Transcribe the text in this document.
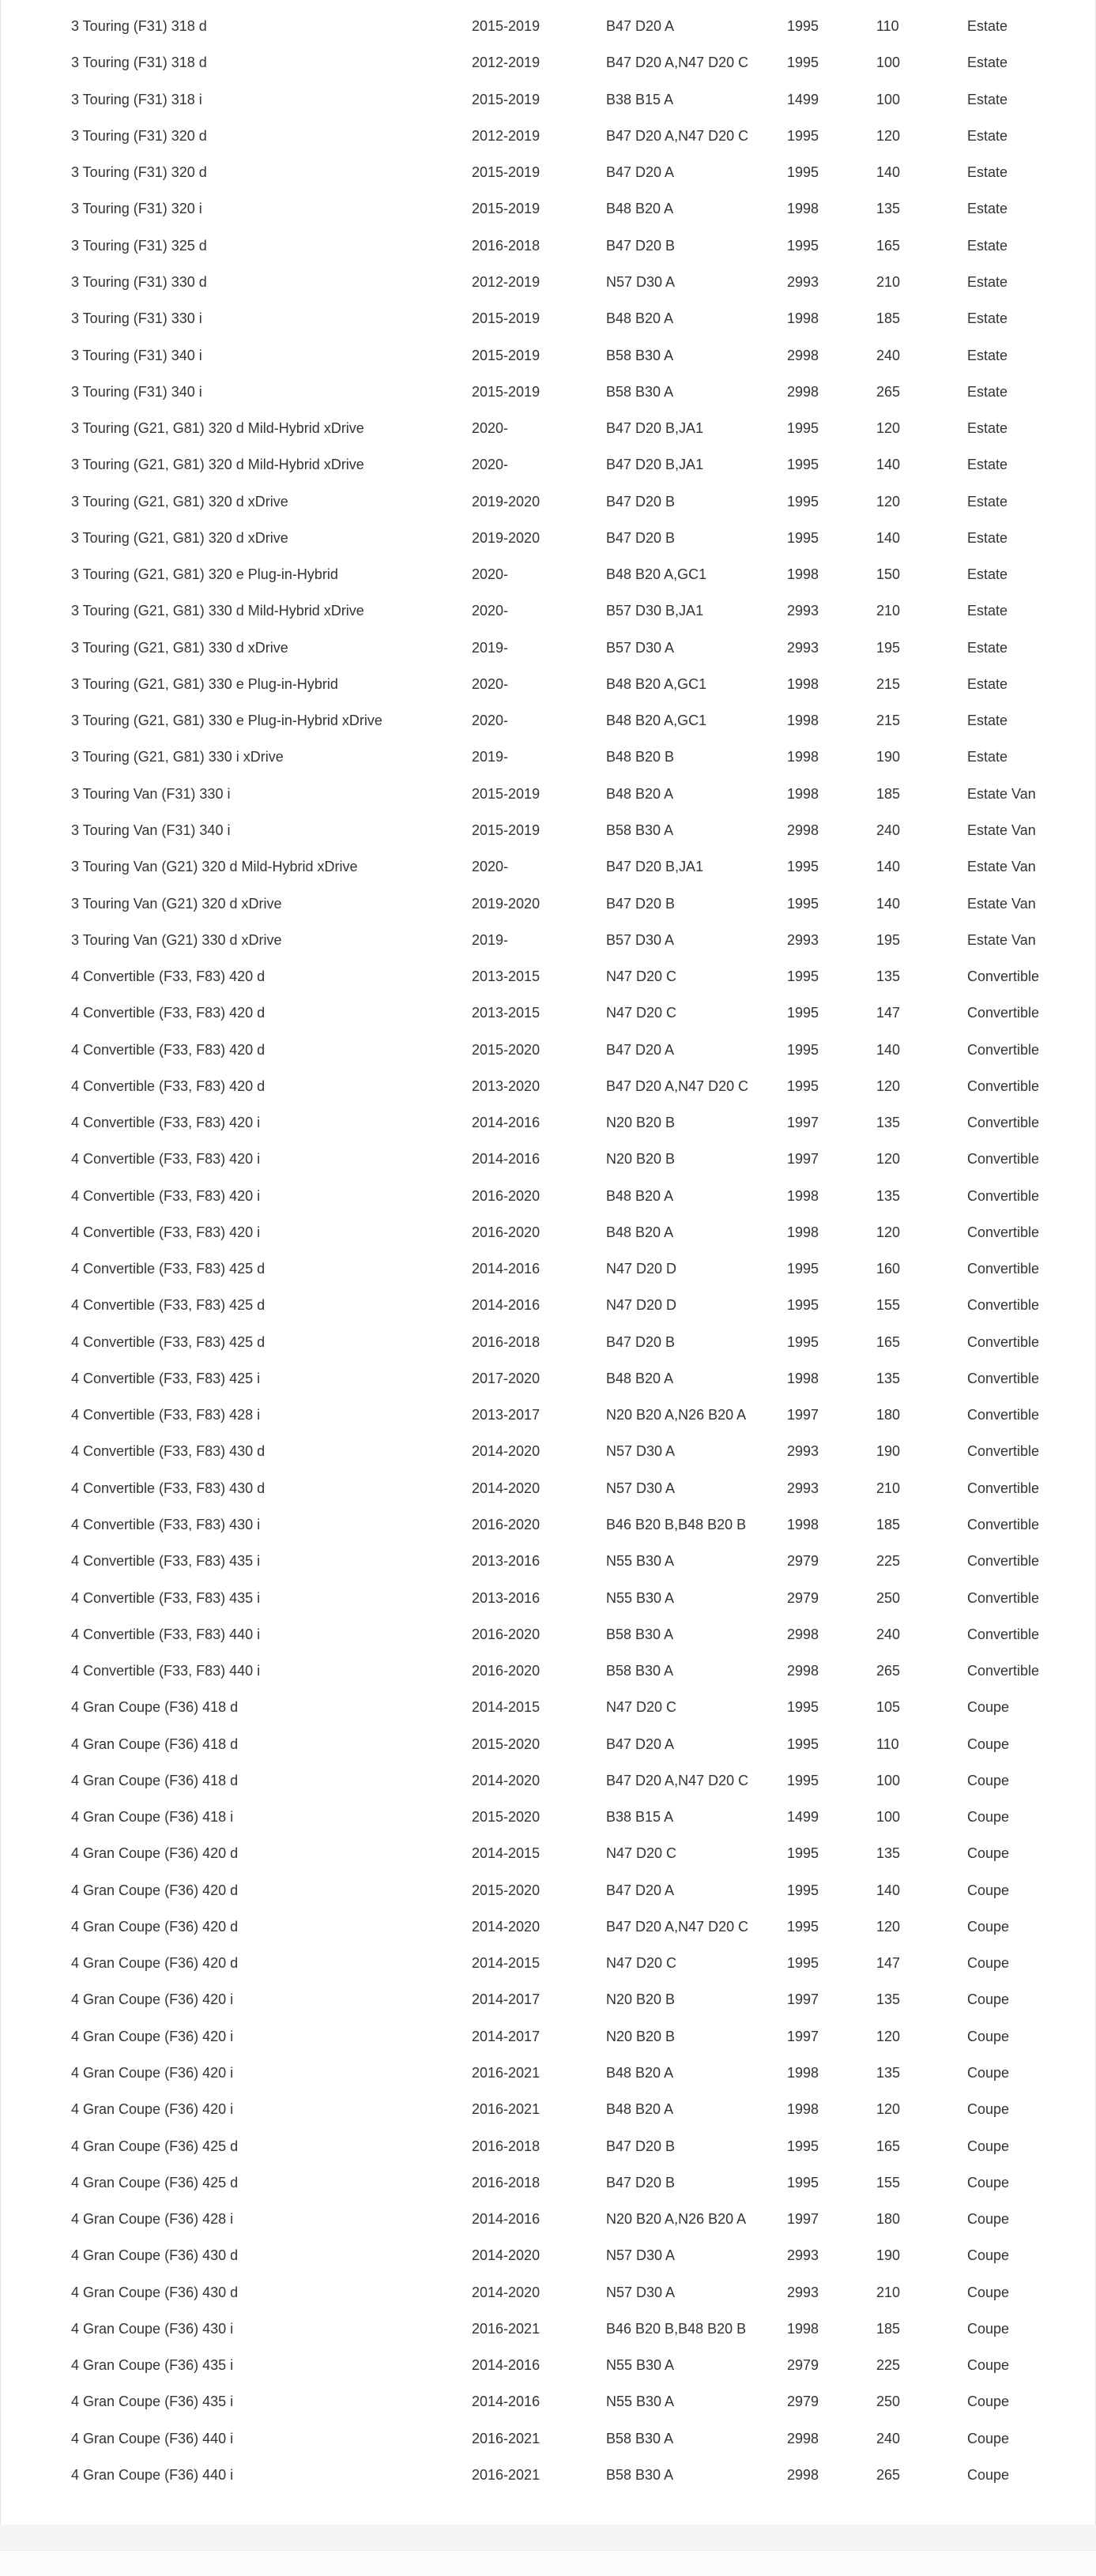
3 Touring (F31) 318 d	2015-2019	B47 D20 A	1995	110	Estate
3 Touring (F31) 318 d	2012-2019	B47 D20 A,N47 D20 C	1995	100	Estate
3 Touring (F31) 318 i	2015-2019	B38 B15 A	1499	100	Estate
3 Touring (F31) 320 d	2012-2019	B47 D20 A,N47 D20 C	1995	120	Estate
3 Touring (F31) 320 d	2015-2019	B47 D20 A	1995	140	Estate
3 Touring (F31) 320 i	2015-2019	B48 B20 A	1998	135	Estate
3 Touring (F31) 325 d	2016-2018	B47 D20 B	1995	165	Estate
3 Touring (F31) 330 d	2012-2019	N57 D30 A	2993	210	Estate
3 Touring (F31) 330 i	2015-2019	B48 B20 A	1998	185	Estate
3 Touring (F31) 340 i	2015-2019	B58 B30 A	2998	240	Estate
3 Touring (F31) 340 i	2015-2019	B58 B30 A	2998	265	Estate
3 Touring (G21, G81) 320 d Mild-Hybrid xDrive	2020-	B47 D20 B,JA1	1995	120	Estate
3 Touring (G21, G81) 320 d Mild-Hybrid xDrive	2020-	B47 D20 B,JA1	1995	140	Estate
3 Touring (G21, G81) 320 d xDrive	2019-2020	B47 D20 B	1995	120	Estate
3 Touring (G21, G81) 320 d xDrive	2019-2020	B47 D20 B	1995	140	Estate
3 Touring (G21, G81) 320 e Plug-in-Hybrid	2020-	B48 B20 A,GC1	1998	150	Estate
3 Touring (G21, G81) 330 d Mild-Hybrid xDrive	2020-	B57 D30 B,JA1	2993	210	Estate
3 Touring (G21, G81) 330 d xDrive	2019-	B57 D30 A	2993	195	Estate
3 Touring (G21, G81) 330 e Plug-in-Hybrid	2020-	B48 B20 A,GC1	1998	215	Estate
3 Touring (G21, G81) 330 e Plug-in-Hybrid xDrive	2020-	B48 B20 A,GC1	1998	215	Estate
3 Touring (G21, G81) 330 i xDrive	2019-	B48 B20 B	1998	190	Estate
3 Touring Van (F31) 330 i	2015-2019	B48 B20 A	1998	185	Estate Van
3 Touring Van (F31) 340 i	2015-2019	B58 B30 A	2998	240	Estate Van
3 Touring Van (G21) 320 d Mild-Hybrid xDrive	2020-	B47 D20 B,JA1	1995	140	Estate Van
3 Touring Van (G21) 320 d xDrive	2019-2020	B47 D20 B	1995	140	Estate Van
3 Touring Van (G21) 330 d xDrive	2019-	B57 D30 A	2993	195	Estate Van
4 Convertible (F33, F83) 420 d	2013-2015	N47 D20 C	1995	135	Convertible
4 Convertible (F33, F83) 420 d	2013-2015	N47 D20 C	1995	147	Convertible
4 Convertible (F33, F83) 420 d	2015-2020	B47 D20 A	1995	140	Convertible
4 Convertible (F33, F83) 420 d	2013-2020	B47 D20 A,N47 D20 C	1995	120	Convertible
4 Convertible (F33, F83) 420 i	2014-2016	N20 B20 B	1997	135	Convertible
4 Convertible (F33, F83) 420 i	2014-2016	N20 B20 B	1997	120	Convertible
4 Convertible (F33, F83) 420 i	2016-2020	B48 B20 A	1998	135	Convertible
4 Convertible (F33, F83) 420 i	2016-2020	B48 B20 A	1998	120	Convertible
4 Convertible (F33, F83) 425 d	2014-2016	N47 D20 D	1995	160	Convertible
4 Convertible (F33, F83) 425 d	2014-2016	N47 D20 D	1995	155	Convertible
4 Convertible (F33, F83) 425 d	2016-2018	B47 D20 B	1995	165	Convertible
4 Convertible (F33, F83) 425 i	2017-2020	B48 B20 A	1998	135	Convertible
4 Convertible (F33, F83) 428 i	2013-2017	N20 B20 A,N26 B20 A	1997	180	Convertible
4 Convertible (F33, F83) 430 d	2014-2020	N57 D30 A	2993	190	Convertible
4 Convertible (F33, F83) 430 d	2014-2020	N57 D30 A	2993	210	Convertible
4 Convertible (F33, F83) 430 i	2016-2020	B46 B20 B,B48 B20 B	1998	185	Convertible
4 Convertible (F33, F83) 435 i	2013-2016	N55 B30 A	2979	225	Convertible
4 Convertible (F33, F83) 435 i	2013-2016	N55 B30 A	2979	250	Convertible
4 Convertible (F33, F83) 440 i	2016-2020	B58 B30 A	2998	240	Convertible
4 Convertible (F33, F83) 440 i	2016-2020	B58 B30 A	2998	265	Convertible
4 Gran Coupe (F36) 418 d	2014-2015	N47 D20 C	1995	105	Coupe
4 Gran Coupe (F36) 418 d	2015-2020	B47 D20 A	1995	110	Coupe
4 Gran Coupe (F36) 418 d	2014-2020	B47 D20 A,N47 D20 C	1995	100	Coupe
4 Gran Coupe (F36) 418 i	2015-2020	B38 B15 A	1499	100	Coupe
4 Gran Coupe (F36) 420 d	2014-2015	N47 D20 C	1995	135	Coupe
4 Gran Coupe (F36) 420 d	2015-2020	B47 D20 A	1995	140	Coupe
4 Gran Coupe (F36) 420 d	2014-2020	B47 D20 A,N47 D20 C	1995	120	Coupe
4 Gran Coupe (F36) 420 d	2014-2015	N47 D20 C	1995	147	Coupe
4 Gran Coupe (F36) 420 i	2014-2017	N20 B20 B	1997	135	Coupe
4 Gran Coupe (F36) 420 i	2014-2017	N20 B20 B	1997	120	Coupe
4 Gran Coupe (F36) 420 i	2016-2021	B48 B20 A	1998	135	Coupe
4 Gran Coupe (F36) 420 i	2016-2021	B48 B20 A	1998	120	Coupe
4 Gran Coupe (F36) 425 d	2016-2018	B47 D20 B	1995	165	Coupe
4 Gran Coupe (F36) 425 d	2016-2018	B47 D20 B	1995	155	Coupe
4 Gran Coupe (F36) 428 i	2014-2016	N20 B20 A,N26 B20 A	1997	180	Coupe
4 Gran Coupe (F36) 430 d	2014-2020	N57 D30 A	2993	190	Coupe
4 Gran Coupe (F36) 430 d	2014-2020	N57 D30 A	2993	210	Coupe
4 Gran Coupe (F36) 430 i	2016-2021	B46 B20 B,B48 B20 B	1998	185	Coupe
4 Gran Coupe (F36) 435 i	2014-2016	N55 B30 A	2979	225	Coupe
4 Gran Coupe (F36) 435 i	2014-2016	N55 B30 A	2979	250	Coupe
4 Gran Coupe (F36) 440 i	2016-2021	B58 B30 A	2998	240	Coupe
4 Gran Coupe (F36) 440 i	2016-2021	B58 B30 A	2998	265	Coupe
